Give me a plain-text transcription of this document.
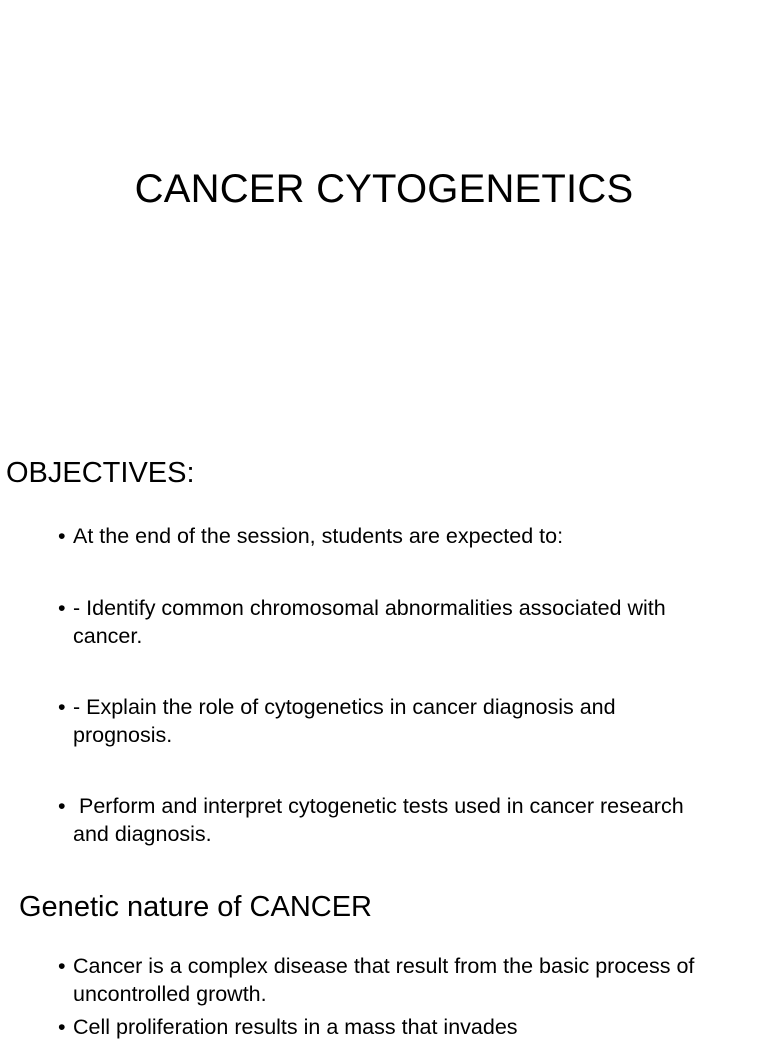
CANCER CYTOGENETICS
OBJECTIVES:
• At the end of the session, students are expected to:
• - Identify common chromosomal abnormalities associated with cancer.
• - Explain the role of cytogenetics in cancer diagnosis and prognosis.
• Perform and interpret cytogenetic tests used in cancer research and diagnosis.
Genetic nature of CANCER
• Cancer is a complex disease that result from the basic process of uncontrolled growth.
• Cell proliferation results in a mass that invades
